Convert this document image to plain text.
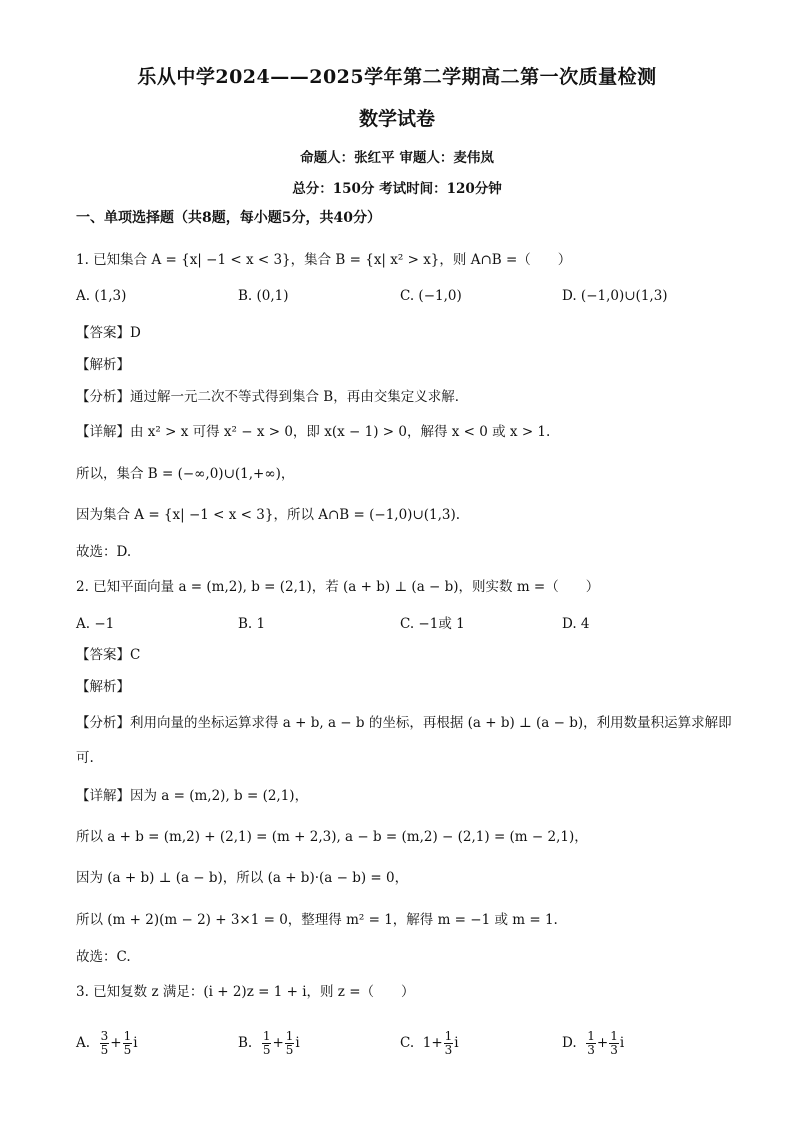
乐从中学2024——2025学年第二学期高二第一次质量检测
数学试卷
命题人：张红平 审题人：麦伟岚
总分：150分 考试时间：120分钟
一、单项选择题（共8题，每小题5分，共40分）
1. 已知集合 A = {x| −1 < x < 3}，集合 B = {x| x² > x}，则 A∩B =（　　）
A. (1,3)	B. (0,1)	C. (−1,0)	D. (−1,0)∪(1,3)
【答案】D
【解析】
【分析】通过解一元二次不等式得到集合 B，再由交集定义求解．
【详解】由 x² > x 可得 x² − x > 0，即 x(x − 1) > 0，解得 x < 0 或 x > 1.
所以，集合 B = (−∞,0)∪(1,+∞)，
因为集合 A = {x| −1 < x < 3}，所以 A∩B = (−1,0)∪(1,3).
故选：D.
2. 已知平面向量 a = (m,2), b = (2,1)，若 (a + b) ⊥ (a − b)，则实数 m =（　　）
A. −1	B. 1	C. −1或 1	D. 4
【答案】C
【解析】
【分析】利用向量的坐标运算求得 a + b, a − b 的坐标，再根据 (a + b) ⊥ (a − b)，利用数量积运算求解即
可.
【详解】因为 a = (m,2), b = (2,1)，
所以 a + b = (m,2) + (2,1) = (m + 2,3), a − b = (m,2) − (2,1) = (m − 2,1)，
因为 (a + b) ⊥ (a − b)，所以 (a + b)·(a − b) = 0，
所以 (m + 2)(m − 2) + 3×1 = 0，整理得 m² = 1，解得 m = −1 或 m = 1.
故选：C.
3. 已知复数 z 满足：(i + 2)z = 1 + i，则 z =（　　）
A. $\frac{3}{5} + \frac{1}{5}$ i	B. $\frac{1}{5} + \frac{1}{5}$ i	C. $1+ \frac{1}{3}$ i	D. $\frac{1}{3} + \frac{1}{3}$ i
